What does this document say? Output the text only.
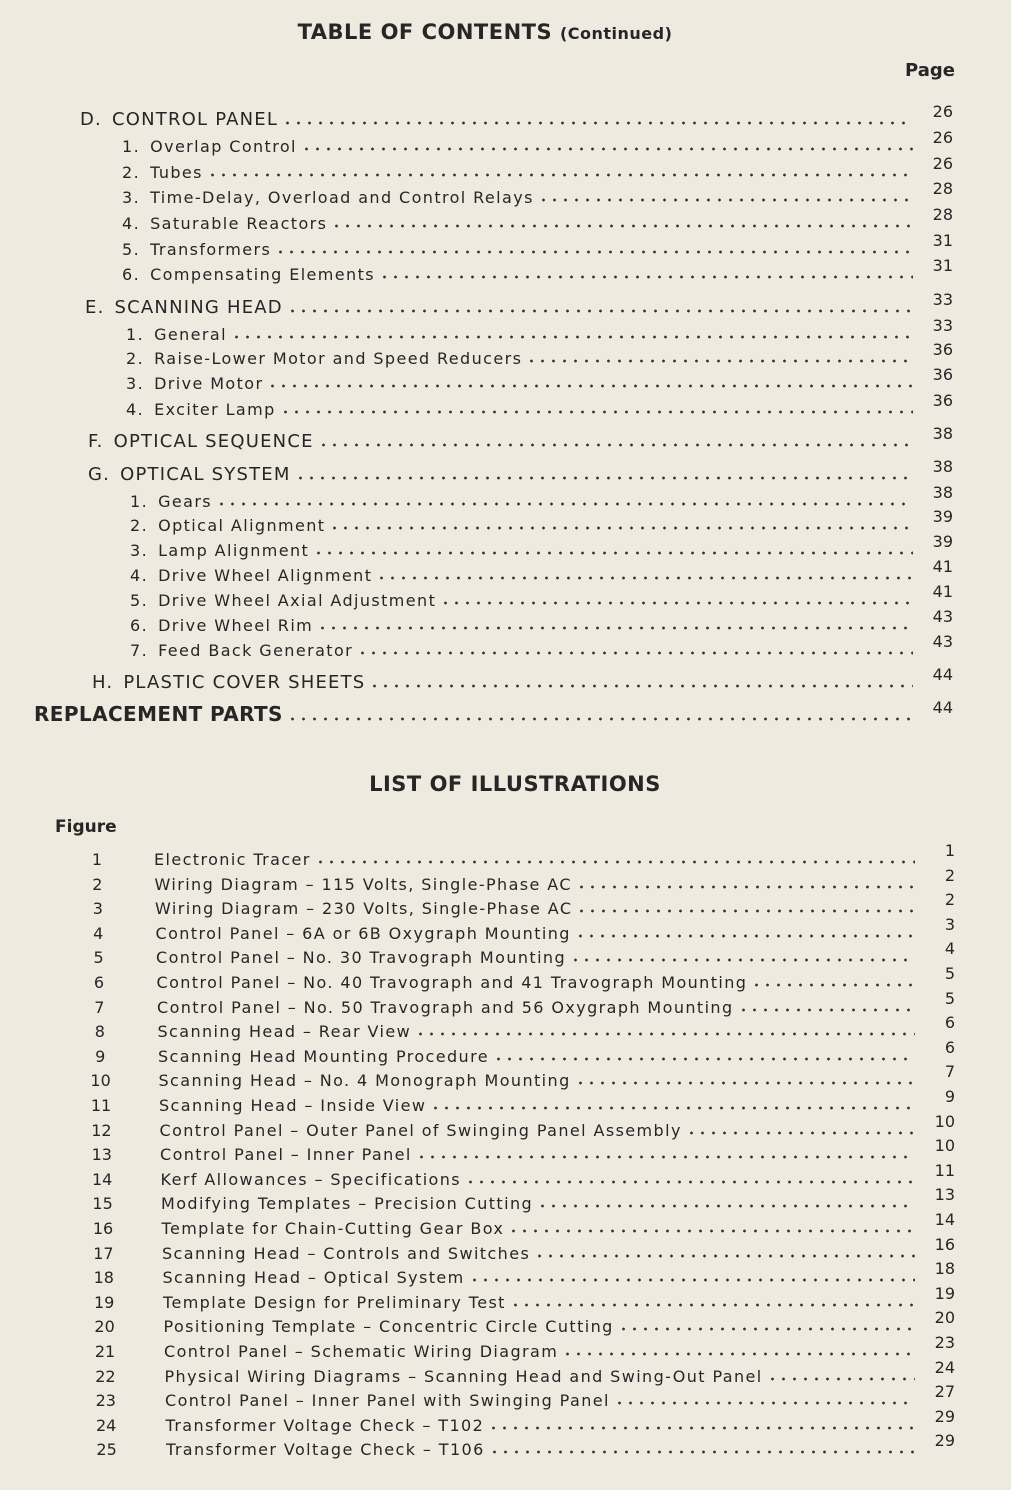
TABLE OF CONTENTS (Continued)
Page
LIST OF ILLUSTRATIONS
Figure
D. CONTROL PANEL	26
1. Overlap Control	26
2. Tubes	26
3. Time-Delay, Overload and Control Relays	28
4. Saturable Reactors	28
5. Transformers	31
6. Compensating Elements	31
E. SCANNING HEAD	33
1. General	33
2. Raise-Lower Motor and Speed Reducers	36
3. Drive Motor	36
4. Exciter Lamp	36
F. OPTICAL SEQUENCE	38
G. OPTICAL SYSTEM	38
1. Gears	38
2. Optical Alignment	39
3. Lamp Alignment	39
4. Drive Wheel Alignment	41
5. Drive Wheel Axial Adjustment	41
6. Drive Wheel Rim	43
7. Feed Back Generator	43
H. PLASTIC COVER SHEETS	44
REPLACEMENT PARTS	44
1	Electronic Tracer	1
2	Wiring Diagram – 115 Volts, Single-Phase AC	2
3	Wiring Diagram – 230 Volts, Single-Phase AC	2
4	Control Panel – 6A or 6B Oxygraph Mounting	3
5	Control Panel – No. 30 Travograph Mounting	4
6	Control Panel – No. 40 Travograph and 41 Travograph Mounting	5
7	Control Panel – No. 50 Travograph and 56 Oxygraph Mounting	5
8	Scanning Head – Rear View	6
9	Scanning Head Mounting Procedure	6
10	Scanning Head – No. 4 Monograph Mounting	7
11	Scanning Head – Inside View	9
12	Control Panel – Outer Panel of Swinging Panel Assembly	10
13	Control Panel – Inner Panel	10
14	Kerf Allowances – Specifications	11
15	Modifying Templates – Precision Cutting	13
16	Template for Chain-Cutting Gear Box	14
17	Scanning Head – Controls and Switches	16
18	Scanning Head – Optical System	18
19	Template Design for Preliminary Test	19
20	Positioning Template – Concentric Circle Cutting	20
21	Control Panel – Schematic Wiring Diagram	23
22	Physical Wiring Diagrams – Scanning Head and Swing-Out Panel	24
23	Control Panel – Inner Panel with Swinging Panel	27
24	Transformer Voltage Check – T102	29
25	Transformer Voltage Check – T106	29
